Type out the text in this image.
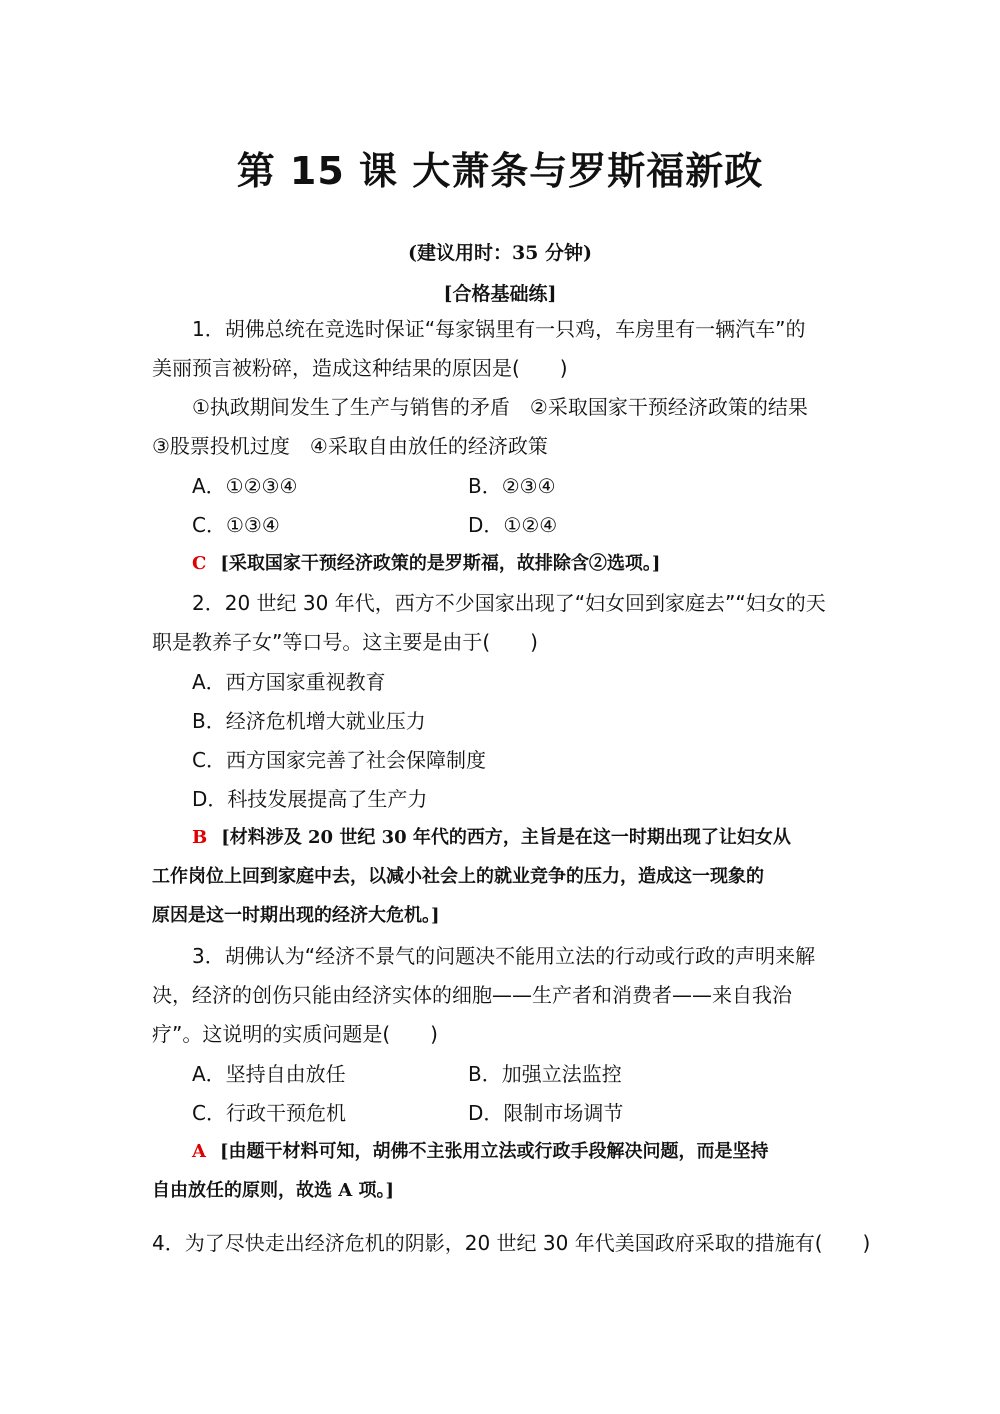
第 15 课 大萧条与罗斯福新政
(建议用时：35 分钟)
[合格基础练]
1．胡佛总统在竞选时保证“每家锅里有一只鸡，车房里有一辆汽车”的
美丽预言被粉碎，造成这种结果的原因是(　　)
①执政期间发生了生产与销售的矛盾　②采取国家干预经济政策的结果
③股票投机过度　④采取自由放任的经济政策
A．①②③④	B．②③④
C．①③④	D．①②④
C [采取国家干预经济政策的是罗斯福，故排除含②选项。]
2．20 世纪 30 年代，西方不少国家出现了“妇女回到家庭去”“妇女的天
职是教养子女”等口号。这主要是由于(　　)
A．西方国家重视教育
B．经济危机增大就业压力
C．西方国家完善了社会保障制度
D．科技发展提高了生产力
B [材料涉及 20 世纪 30 年代的西方，主旨是在这一时期出现了让妇女从
工作岗位上回到家庭中去，以减小社会上的就业竞争的压力，造成这一现象的
原因是这一时期出现的经济大危机。]
3．胡佛认为“经济不景气的问题决不能用立法的行动或行政的声明来解
决，经济的创伤只能由经济实体的细胞——生产者和消费者——来自我治
疗”。这说明的实质问题是(　　)
A．坚持自由放任	B．加强立法监控
C．行政干预危机	D．限制市场调节
A [由题干材料可知，胡佛不主张用立法或行政手段解决问题，而是坚持
自由放任的原则，故选 A 项。]
4．为了尽快走出经济危机的阴影，20 世纪 30 年代美国政府采取的措施有(　　)
